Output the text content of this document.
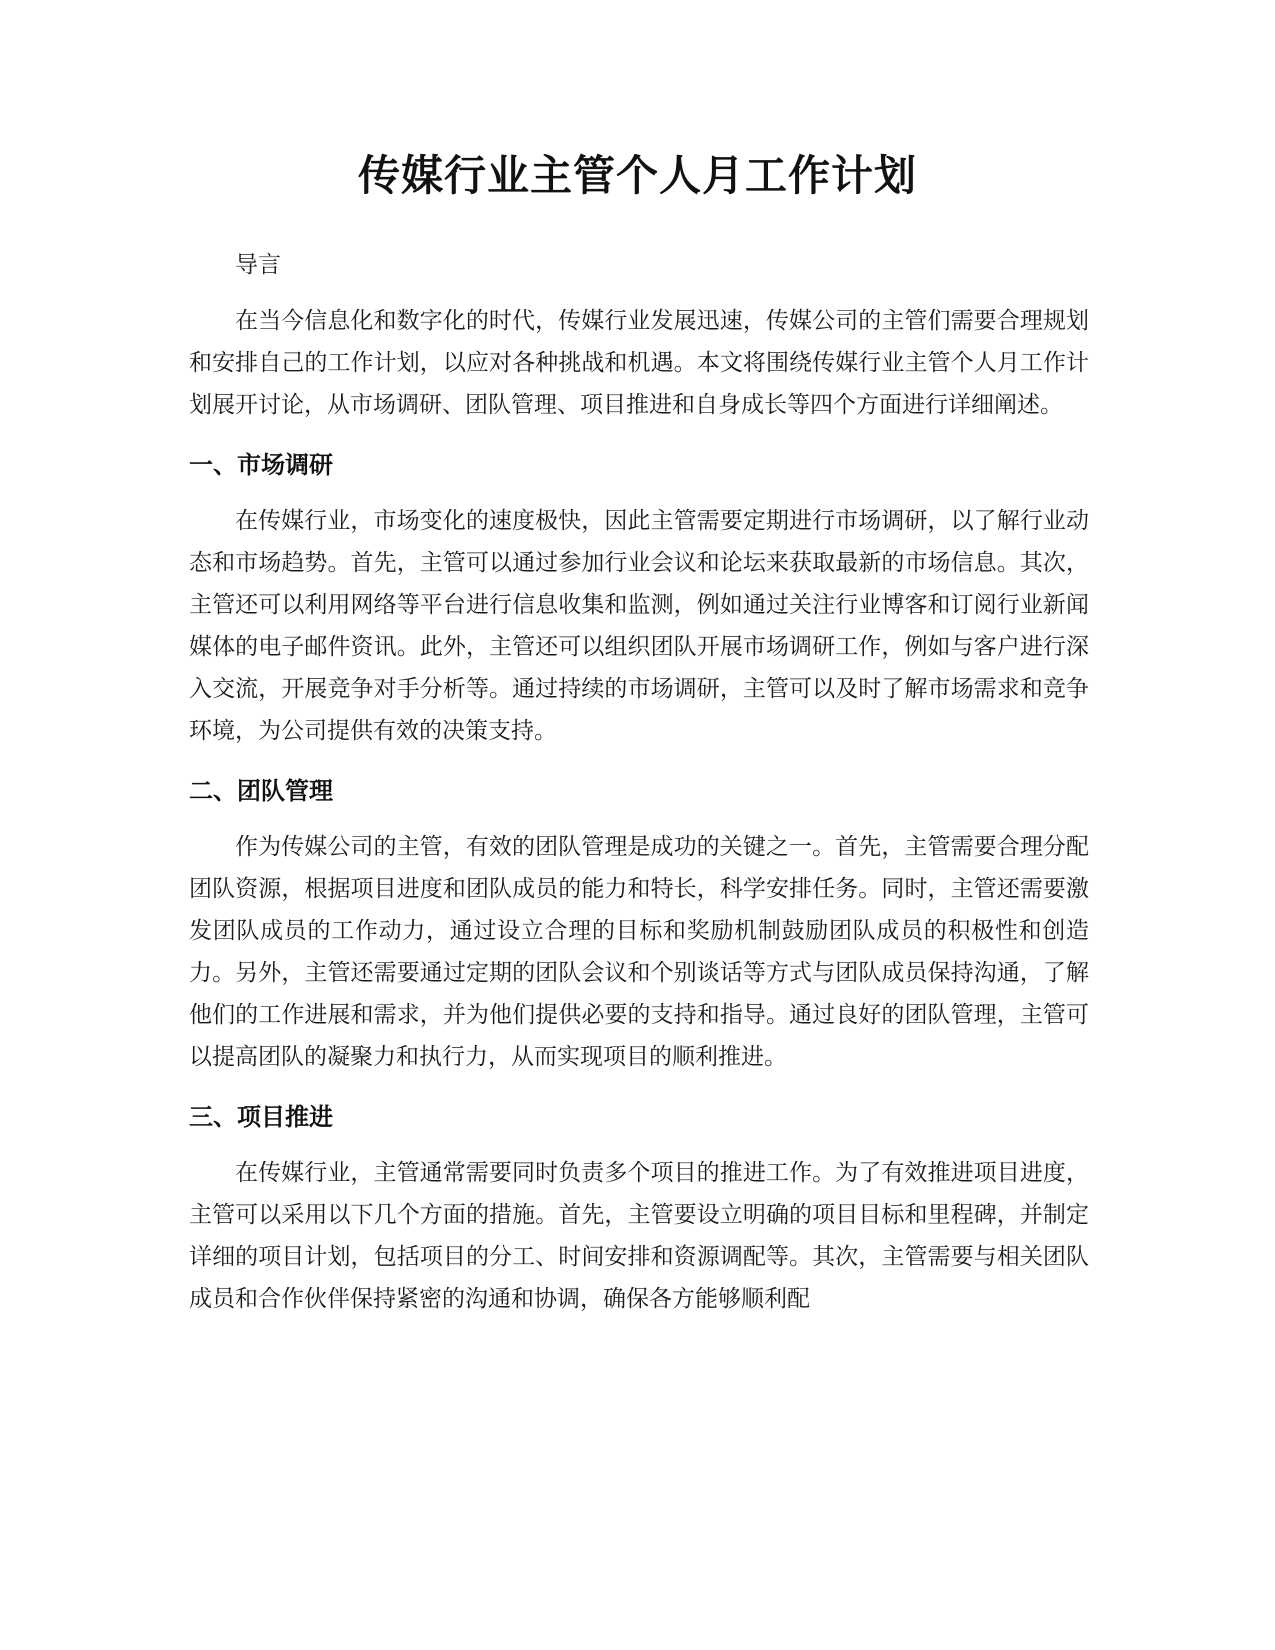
传媒行业主管个人月工作计划

导言

在当今信息化和数字化的时代，传媒行业发展迅速，传媒公司的主管们需要合理规划和安排自己的工作计划，以应对各种挑战和机遇。本文将围绕传媒行业主管个人月工作计划展开讨论，从市场调研、团队管理、项目推进和自身成长等四个方面进行详细阐述。

一、市场调研

在传媒行业，市场变化的速度极快，因此主管需要定期进行市场调研，以了解行业动态和市场趋势。首先，主管可以通过参加行业会议和论坛来获取最新的市场信息。其次，主管还可以利用网络等平台进行信息收集和监测，例如通过关注行业博客和订阅行业新闻媒体的电子邮件资讯。此外，主管还可以组织团队开展市场调研工作，例如与客户进行深入交流，开展竞争对手分析等。通过持续的市场调研，主管可以及时了解市场需求和竞争环境，为公司提供有效的决策支持。

二、团队管理

作为传媒公司的主管，有效的团队管理是成功的关键之一。首先，主管需要合理分配团队资源，根据项目进度和团队成员的能力和特长，科学安排任务。同时，主管还需要激发团队成员的工作动力，通过设立合理的目标和奖励机制鼓励团队成员的积极性和创造力。另外，主管还需要通过定期的团队会议和个别谈话等方式与团队成员保持沟通，了解他们的工作进展和需求，并为他们提供必要的支持和指导。通过良好的团队管理，主管可以提高团队的凝聚力和执行力，从而实现项目的顺利推进。

三、项目推进

在传媒行业，主管通常需要同时负责多个项目的推进工作。为了有效推进项目进度，主管可以采用以下几个方面的措施。首先，主管要设立明确的项目目标和里程碑，并制定详细的项目计划，包括项目的分工、时间安排和资源调配等。其次，主管需要与相关团队成员和合作伙伴保持紧密的沟通和协调，确保各方能够顺利配
